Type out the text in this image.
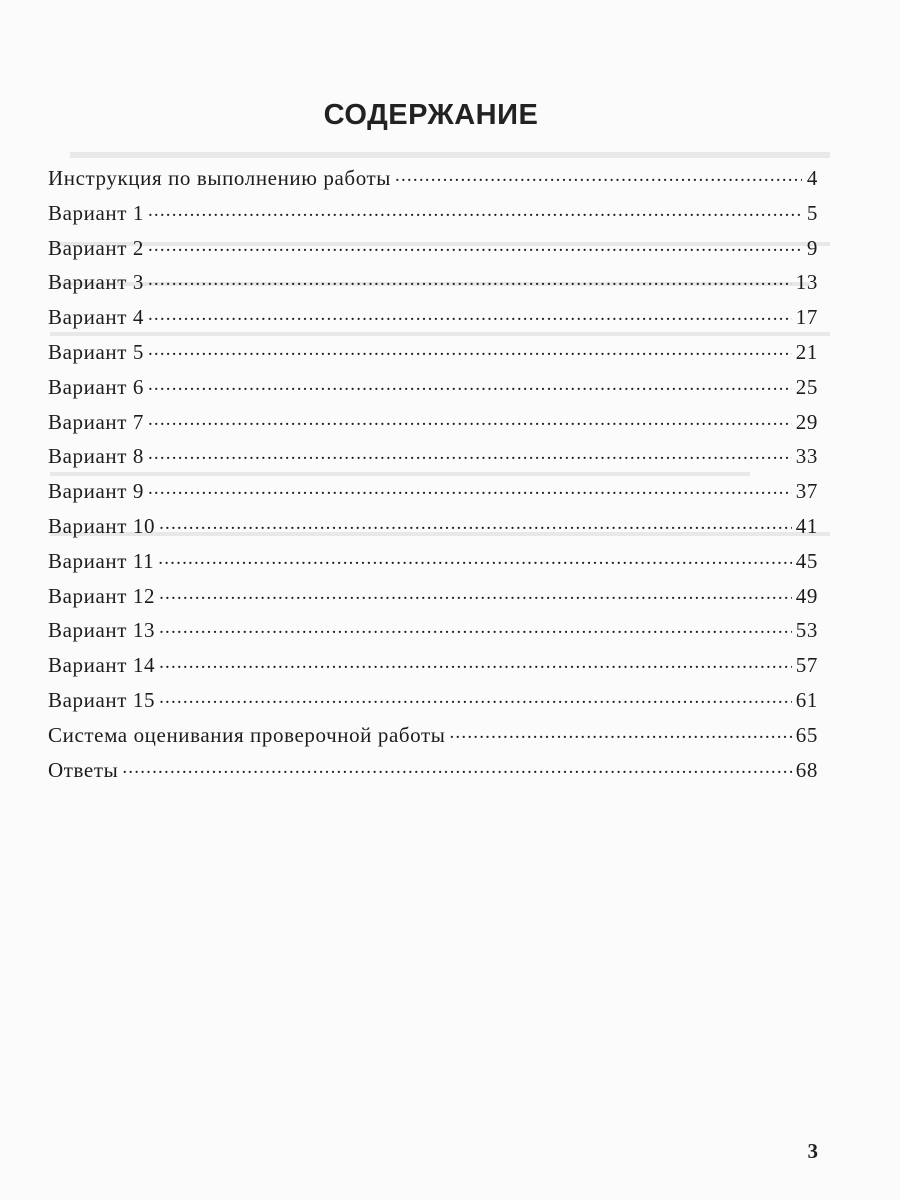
СОДЕРЖАНИЕ
Инструкция по выполнению работы .....	4
Вариант 1 .....	5
Вариант 2 .....	9
Вариант 3 .....	13
Вариант 4 .....	17
Вариант 5 .....	21
Вариант 6 .....	25
Вариант 7 .....	29
Вариант 8 .....	33
Вариант 9 .....	37
Вариант 10 .....	41
Вариант 11 .....	45
Вариант 12 .....	49
Вариант 13 .....	53
Вариант 14 .....	57
Вариант 15 .....	61
Система оценивания проверочной работы .....	65
Ответы .....	68
3
